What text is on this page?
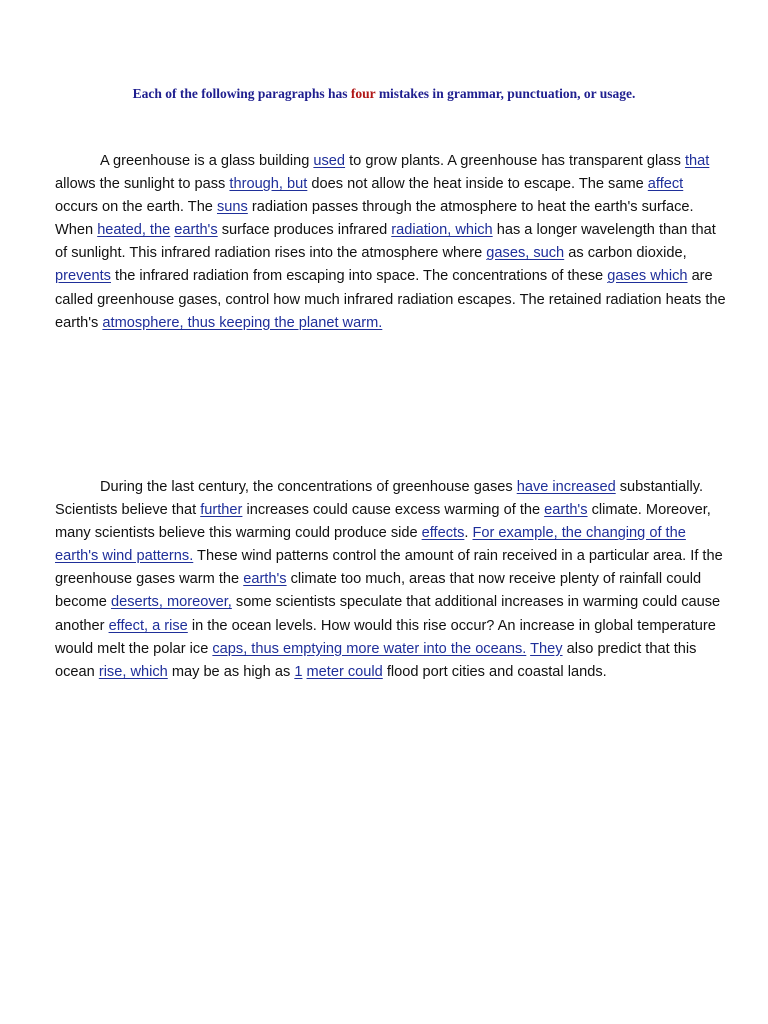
Each of the following paragraphs has four mistakes in grammar, punctuation, or usage.

A greenhouse is a glass building used to grow plants. A greenhouse has transparent glass that allows the sunlight to pass through, but does not allow the heat inside to escape. The same affect occurs on the earth. The suns radiation passes through the atmosphere to heat the earth's surface. When heated, the earth's surface produces infrared radiation, which has a longer wavelength than that of sunlight. This infrared radiation rises into the atmosphere where gases, such as carbon dioxide, prevents the infrared radiation from escaping into space. The concentrations of these gases which are called greenhouse gases, control how much infrared radiation escapes. The retained radiation heats the earth's atmosphere, thus keeping the planet warm.

During the last century, the concentrations of greenhouse gases have increased substantially. Scientists believe that further increases could cause excess warming of the earth's climate. Moreover, many scientists believe this warming could produce side effects. For example, the changing of the earth's wind patterns. These wind patterns control the amount of rain received in a particular area. If the greenhouse gases warm the earth's climate too much, areas that now receive plenty of rainfall could become deserts, moreover, some scientists speculate that additional increases in warming could cause another effect, a rise in the ocean levels. How would this rise occur? An increase in global temperature would melt the polar ice caps, thus emptying more water into the oceans. They also predict that this ocean rise, which may be as high as 1 meter could flood port cities and coastal lands.
